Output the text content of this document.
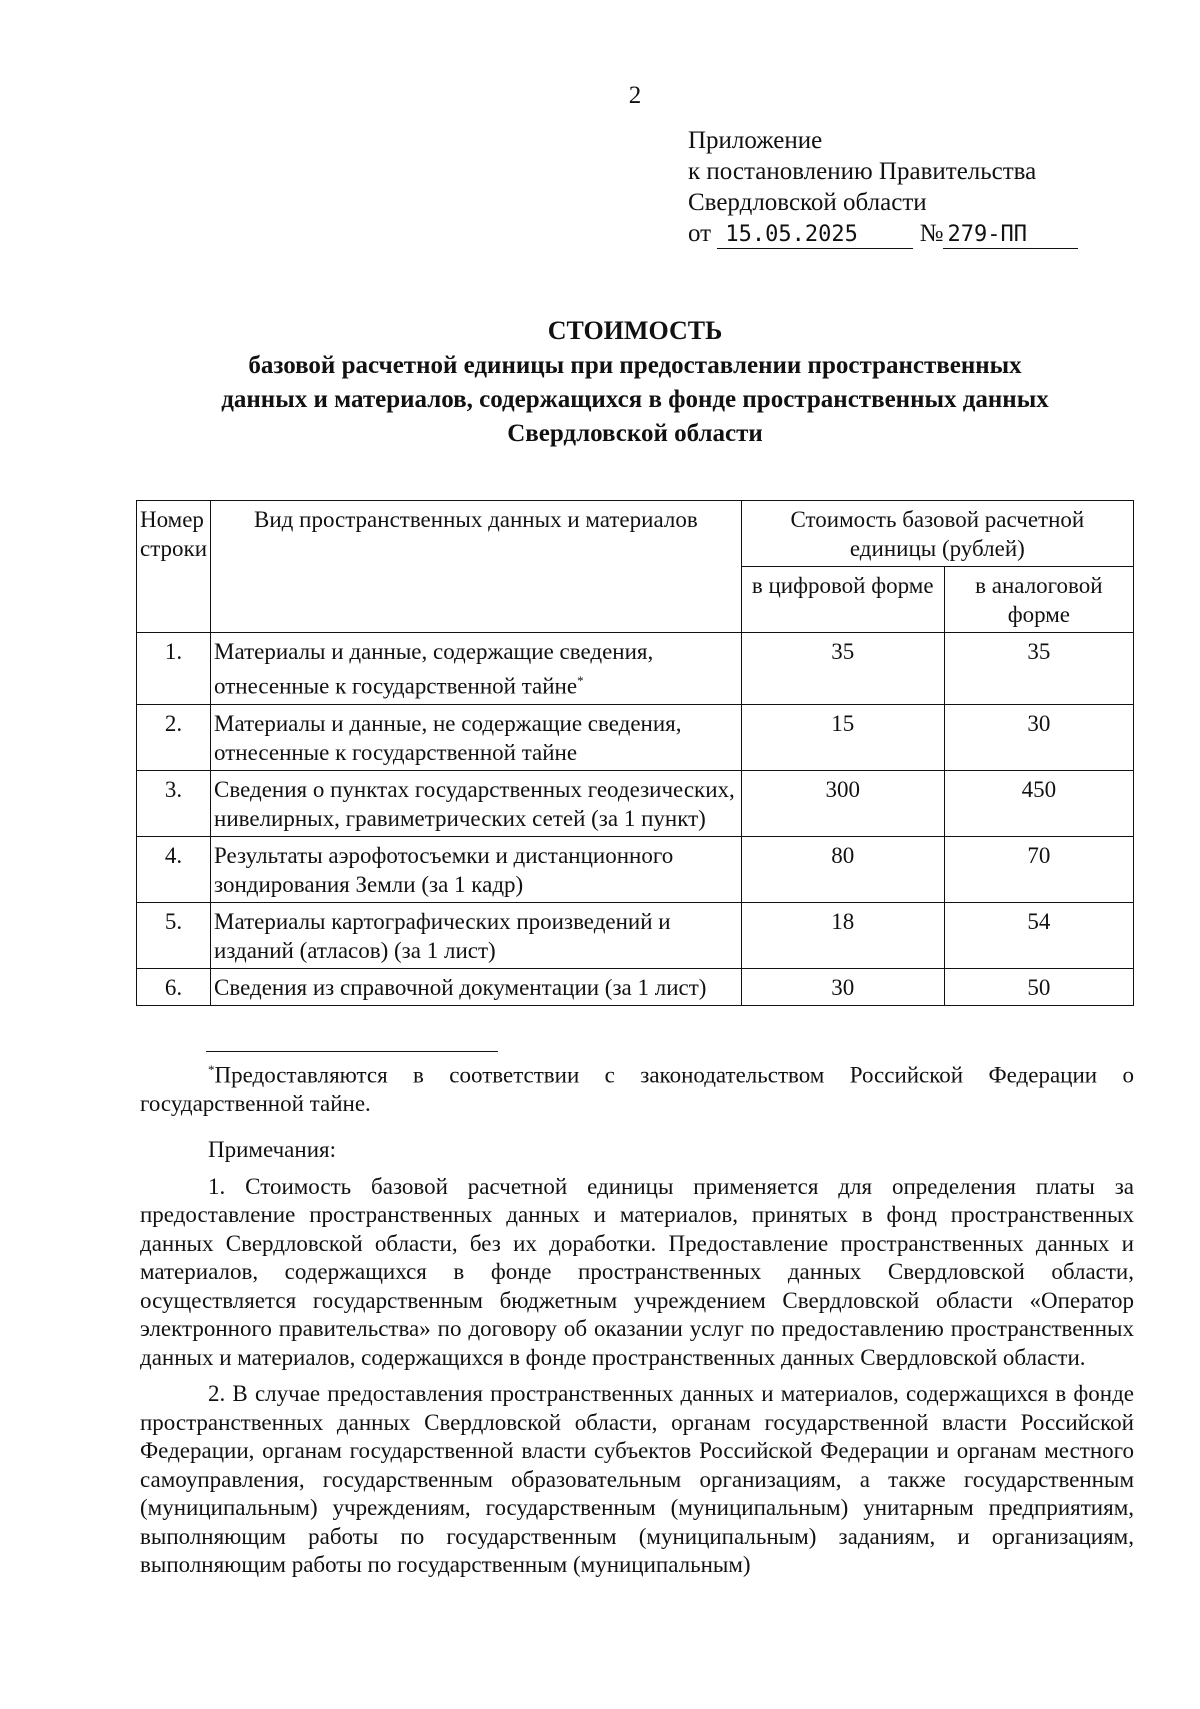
2
Приложение
к постановлению Правительства
Свердловской области
от 15.05.2025 № 279-ПП
СТОИМОСТЬ
базовой расчетной единицы при предоставлении пространственных
данных и материалов, содержащихся в фонде пространственных данных
Свердловской области
Номер строки	Вид пространственных данных и материалов	Стоимость базовой расчетной единицы (рублей)	
		в цифровой форме	в аналоговой форме
1.	Материалы и данные, содержащие сведения, отнесенные к государственной тайне*	35	35
2.	Материалы и данные, не содержащие сведения, отнесенные к государственной тайне	15	30
3.	Сведения о пунктах государственных геодезических, нивелирных, гравиметрических сетей (за 1 пункт)	300	450
4.	Результаты аэрофотосъемки и дистанционного зондирования Земли (за 1 кадр)	80	70
5.	Материалы картографических произведений и изданий (атласов) (за 1 лист)	18	54
6.	Сведения из справочной документации (за 1 лист)	30	50
*Предоставляются в соответствии с законодательством Российской Федерации о государственной тайне.

Примечания:

1. Стоимость базовой расчетной единицы применяется для определения платы за предоставление пространственных данных и материалов, принятых в фонд пространственных данных Свердловской области, без их доработки. Предоставление пространственных данных и материалов, содержащихся в фонде пространственных данных Свердловской области, осуществляется государственным бюджетным учреждением Свердловской области «Оператор электронного правительства» по договору об оказании услуг по предоставлению пространственных данных и материалов, содержащихся в фонде пространственных данных Свердловской области.

2. В случае предоставления пространственных данных и материалов, содержащихся в фонде пространственных данных Свердловской области, органам государственной власти Российской Федерации, органам государственной власти субъектов Российской Федерации и органам местного самоуправления, государственным образовательным организациям, а также государственным (муниципальным) учреждениям, государственным (муниципальным) унитарным предприятиям, выполняющим работы по государственным (муниципальным) заданиям, и организациям, выполняющим работы по государственным (муниципальным)
